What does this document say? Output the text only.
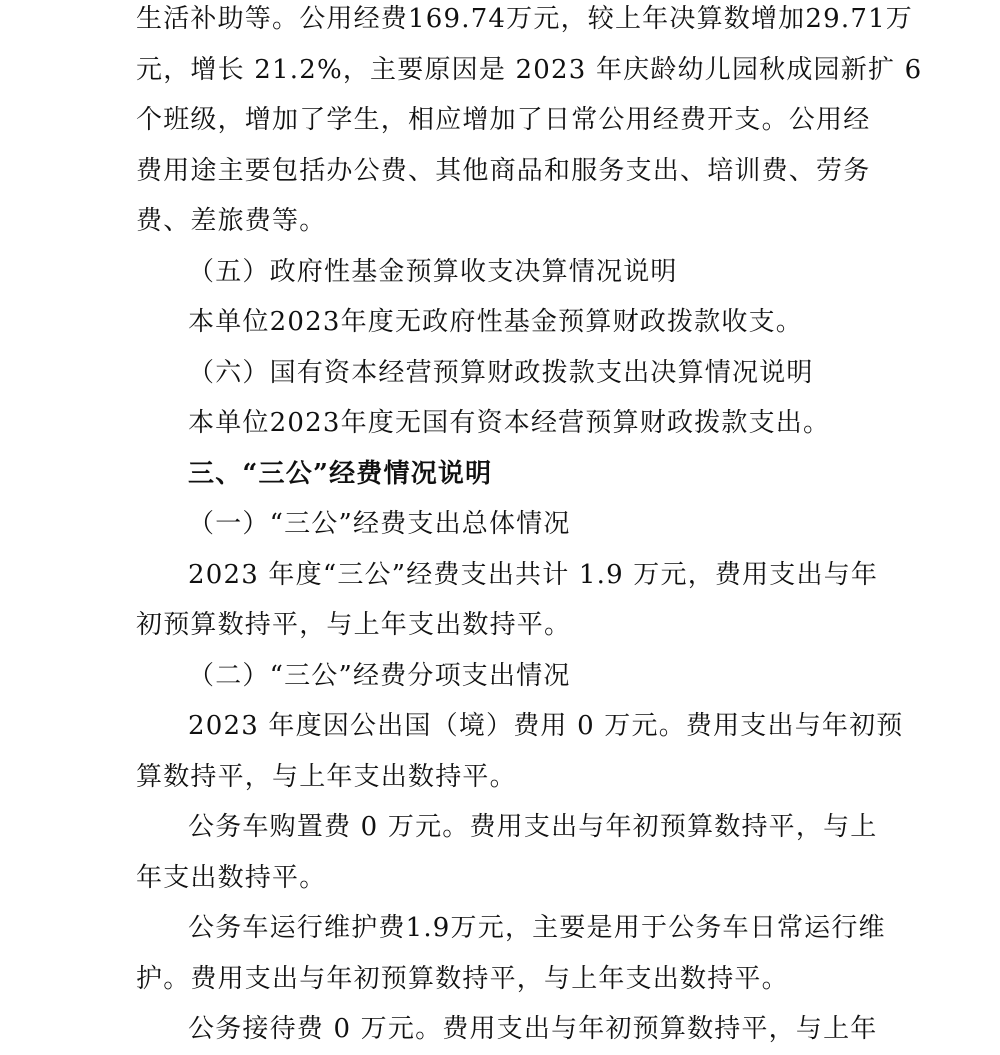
生活补助等。公用经费169.74万元，较上年决算数增加29.71万
元，增长 21.2%，主要原因是 2023 年庆龄幼儿园秋成园新扩 6
个班级，增加了学生，相应增加了日常公用经费开支。公用经
费用途主要包括办公费、其他商品和服务支出、培训费、劳务
费、差旅费等。

（五）政府性基金预算收支决算情况说明

本单位2023年度无政府性基金预算财政拨款收支。

（六）国有资本经营预算财政拨款支出决算情况说明

本单位2023年度无国有资本经营预算财政拨款支出。

三、“三公”经费情况说明

（一）“三公”经费支出总体情况

2023 年度“三公”经费支出共计 1.9 万元，费用支出与年
初预算数持平，与上年支出数持平。

（二）“三公”经费分项支出情况

2023 年度因公出国（境）费用 0 万元。费用支出与年初预
算数持平，与上年支出数持平。

公务车购置费 0 万元。费用支出与年初预算数持平，与上
年支出数持平。

公务车运行维护费1.9万元，主要是用于公务车日常运行维
护。费用支出与年初预算数持平，与上年支出数持平。

公务接待费 0 万元。费用支出与年初预算数持平，与上年
